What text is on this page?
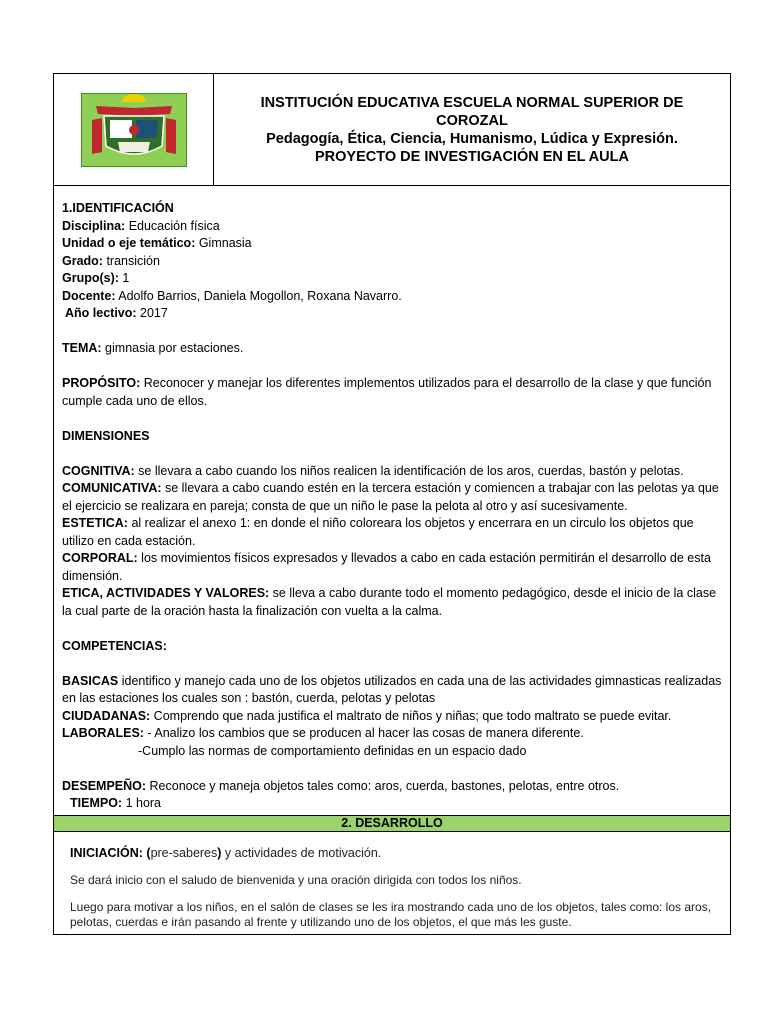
INSTITUCIÓN EDUCATIVA ESCUELA NORMAL SUPERIOR DE
COROZAL
Pedagogía, Ética, Ciencia, Humanismo, Lúdica y Expresión.
PROYECTO DE INVESTIGACIÓN EN EL AULA

1.IDENTIFICACIÓN

Disciplina: Educación física

Unidad o eje temático: Gimnasia

Grado: transición

Grupo(s): 1

Docente: Adolfo Barrios, Daniela Mogollon, Roxana Navarro.

Año lectivo: 2017

TEMA: gimnasia por estaciones.

PROPÓSITO: Reconocer y manejar los diferentes implementos utilizados para el desarrollo de la clase y que función cumple cada uno de ellos.

DIMENSIONES

COGNITIVA: se llevara a cabo cuando los niños realicen la identificación de los aros, cuerdas, bastón y pelotas.

COMUNICATIVA: se llevara a cabo cuando estén en la tercera estación y comiencen a trabajar con las pelotas ya que el ejercicio se realizara en pareja; consta de que un niño le pase la pelota al otro y así sucesivamente.

ESTETICA: al realizar el anexo 1: en donde el niño coloreara los objetos y encerrara en un circulo los objetos que utilizo en cada estación.

CORPORAL: los movimientos físicos expresados y llevados a cabo en cada estación permitirán el desarrollo de esta dimensión.

ETICA, ACTIVIDADES Y VALORES: se lleva a cabo durante todo el momento pedagógico, desde el inicio de la clase la cual parte de la oración hasta la finalización con vuelta a la calma.

COMPETENCIAS:

BASICAS identifico y manejo cada uno de los objetos utilizados en cada una de las actividades gimnasticas realizadas en las estaciones los cuales son : bastón, cuerda, pelotas y pelotas

CIUDADANAS: Comprendo que nada justifica el maltrato de niños y niñas; que todo maltrato se puede evitar.

LABORALES: - Analizo los cambios que se producen al hacer las cosas de manera diferente.

-Cumplo las normas de comportamiento definidas en un espacio dado

DESEMPEÑO: Reconoce y maneja objetos tales como: aros, cuerda, bastones, pelotas, entre otros.

TIEMPO: 1 hora

2. DESARROLLO

INICIACIÓN: (pre-saberes) y actividades de motivación.

Se dará inicio con el saludo de bienvenida y una oración dirigida con todos los niños.

Luego para motivar a los niños, en el salón de clases se les ira mostrando cada uno de los objetos, tales como: los aros, pelotas, cuerdas e irán pasando al frente y utilizando uno de los objetos, el que más les guste.
